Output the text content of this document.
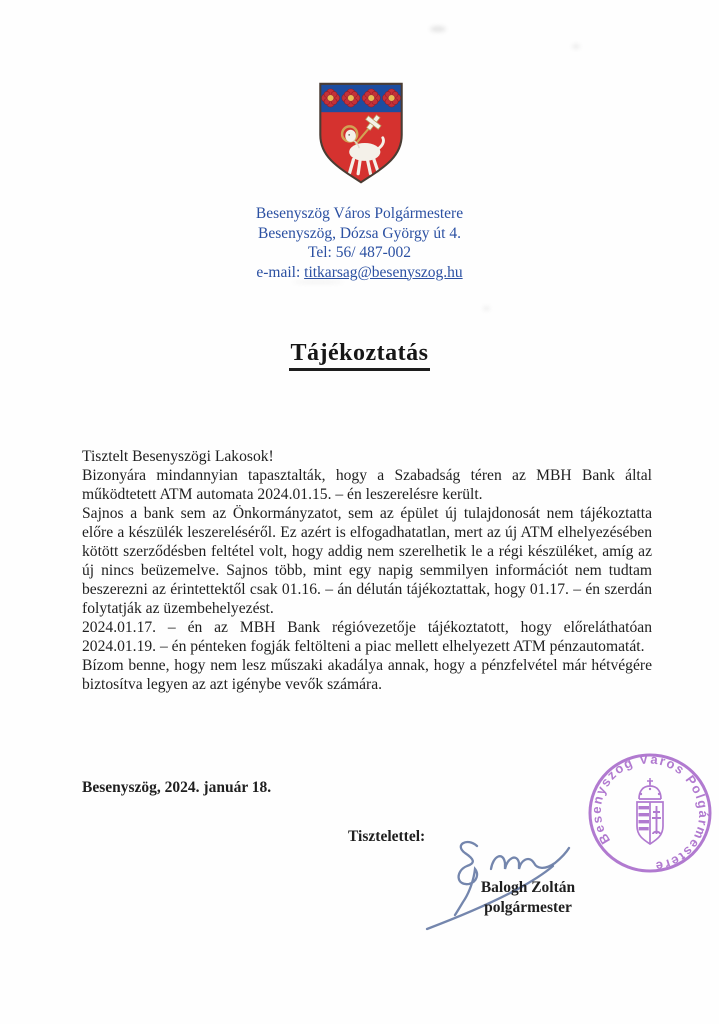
Besenyszög Város Polgármestere
Besenyszög, Dózsa György út 4.
Tel: 56/ 487-002
e-mail: titkarsag@besenyszog.hu
Tájékoztatás

Tisztelt Besenyszögi Lakosok!

Bizonyára mindannyian tapasztalták, hogy a Szabadság téren az MBH Bank által működtetett ATM automata 2024.01.15. – én leszerelésre került.

Sajnos a bank sem az Önkormányzatot, sem az épület új tulajdonosát nem tájékoztatta előre a készülék leszereléséről. Ez azért is elfogadhatatlan, mert az új ATM elhelyezésében kötött szerződésben feltétel volt, hogy addig nem szerelhetik le a régi készüléket, amíg az új nincs beüzemelve. Sajnos több, mint egy napig semmilyen információt nem tudtam beszerezni az érintettektől csak 01.16. – án délután tájékoztattak, hogy 01.17. – én szerdán folytatják az üzembehelyezést.

2024.01.17. – én az MBH Bank régióvezetője tájékoztatott, hogy előreláthatóan 2024.01.19. – én pénteken fogják feltölteni a piac mellett elhelyezett ATM pénzautomatát.

Bízom benne, hogy nem lesz műszaki akadálya annak, hogy a pénzfelvétel már hétvégére biztosítva legyen az azt igénybe vevők számára.

Besenyszög, 2024. január 18.
Tisztelettel:
Balogh Zoltán
polgármester
Besenyszög Város Polgármestere
